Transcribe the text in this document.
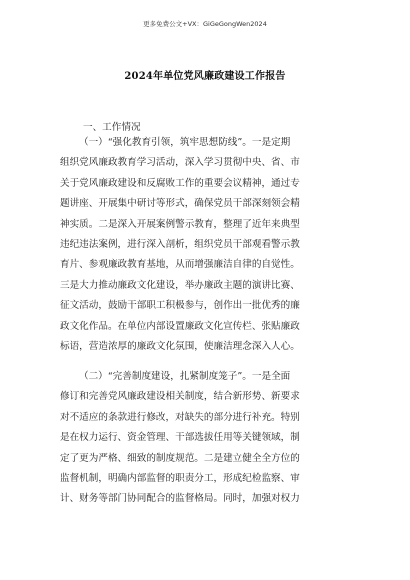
更多免费公文+VX：GiGeGongWen2024
2024年单位党风廉政建设工作报告
一、工作情况
（一）“强化教育引领，筑牢思想防线”。一是定期
组织党风廉政教育学习活动，深入学习贯彻中央、省、市
关于党风廉政建设和反腐败工作的重要会议精神，通过专
题讲座、开展集中研讨等形式，确保党员干部深刻领会精
神实质。二是深入开展案例警示教育，整理了近年来典型
违纪违法案例，进行深入剖析，组织党员干部观看警示教
育片、参观廉政教育基地，从而增强廉洁自律的自觉性。
三是大力推动廉政文化建设，举办廉政主题的演讲比赛、
征文活动，鼓励干部职工积极参与，创作出一批优秀的廉
政文化作品。在单位内部设置廉政文化宣传栏、张贴廉政
标语，营造浓厚的廉政文化氛围，使廉洁理念深入人心。
（二）“完善制度建设，扎紧制度笼子”。一是全面
修订和完善党风廉政建设相关制度，结合新形势、新要求
对不适应的条款进行修改，对缺失的部分进行补充。特别
是在权力运行、资金管理、干部选拔任用等关键领域，制
定了更为严格、细致的制度规范。二是建立健全全方位的
监督机制，明确内部监督的职责分工，形成纪检监察、审
计、财务等部门协同配合的监督格局。同时，加强对权力
